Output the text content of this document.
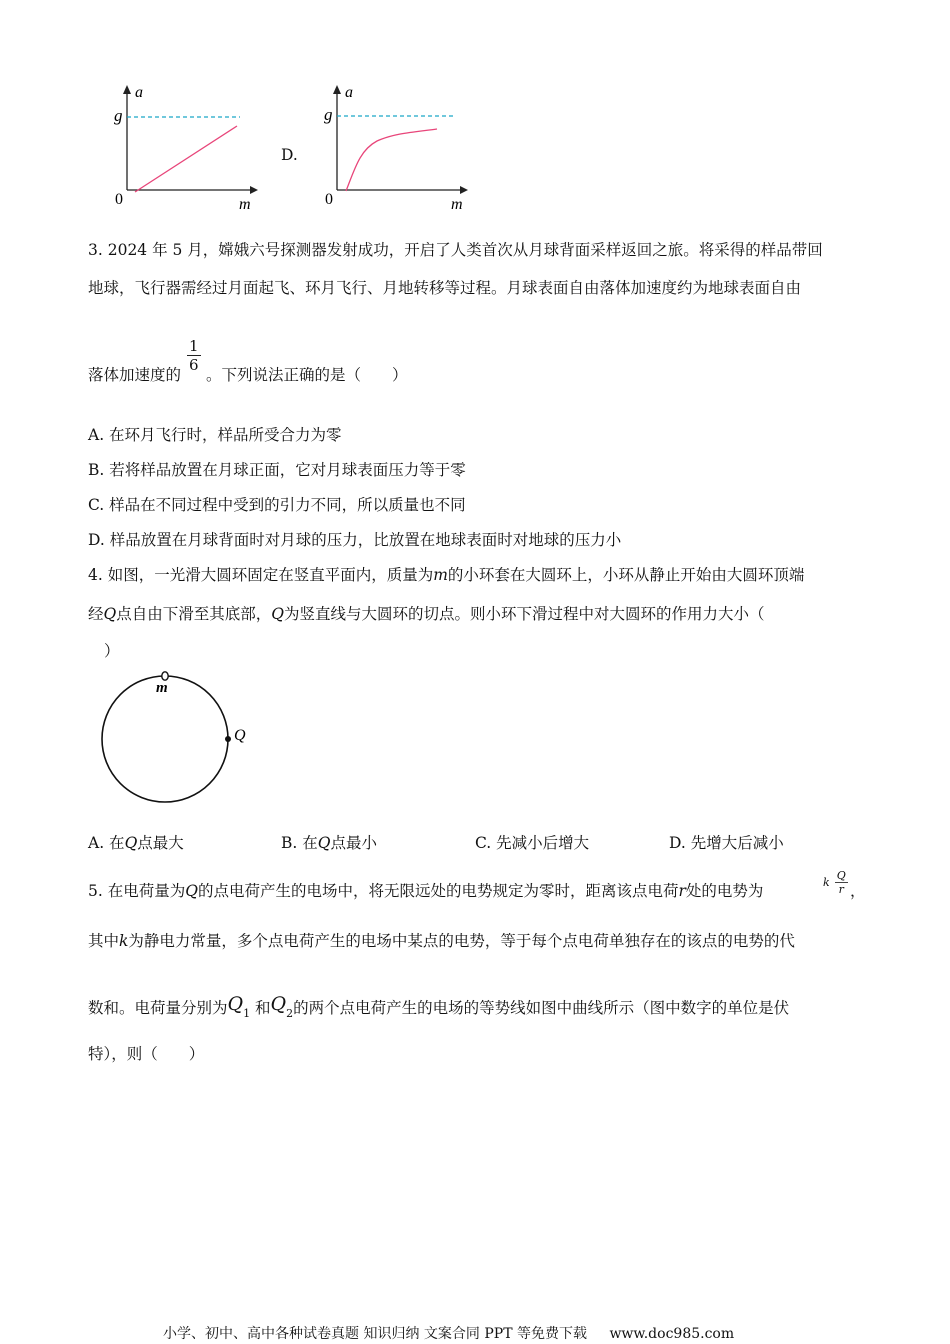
a
g
0	m
D.
a
g
0	m
3. 2024 年 5 月，嫦娥六号探测器发射成功，开启了人类首次从月球背面采样返回之旅。将采得的样品带回
地球，飞行器需经过月面起飞、环月飞行、月地转移等过程。月球表面自由落体加速度约为地球表面自由
落体加速度的
$\frac{1}{6}$
。下列说法正确的是（　　）
A. 在环月飞行时，样品所受合力为零
B. 若将样品放置在月球正面，它对月球表面压力等于零
C. 样品在不同过程中受到的引力不同，所以质量也不同
D. 样品放置在月球背面时对月球的压力，比放置在地球表面时对地球的压力小
4. 如图，一光滑大圆环固定在竖直平面内，质量为m的小环套在大圆环上，小环从静止开始由大圆环顶端
经Q点自由下滑至其底部，Q为竖直线与大圆环的切点。则小环下滑过程中对大圆环的作用力大小（
）
m
Q
A. 在Q点最大	B. 在Q点最小	C. 先减小后增大	D. 先增大后减小
5. 在电荷量为Q的点电荷产生的电场中，将无限远处的电势规定为零时，距离该点电荷r处的电势为	k $\frac{Q}{r}$ ，
其中k为静电力常量，多个点电荷产生的电场中某点的电势，等于每个点电荷单独存在的该点的电势的代
数和。电荷量分别为$Q_1$ 和$Q_2$的两个点电荷产生的电场的等势线如图中曲线所示（图中数字的单位是伏
特），则（　　）
小学、初中、高中各种试卷真题 知识归纳 文案合同 PPT 等免费下载 www.doc985.com
